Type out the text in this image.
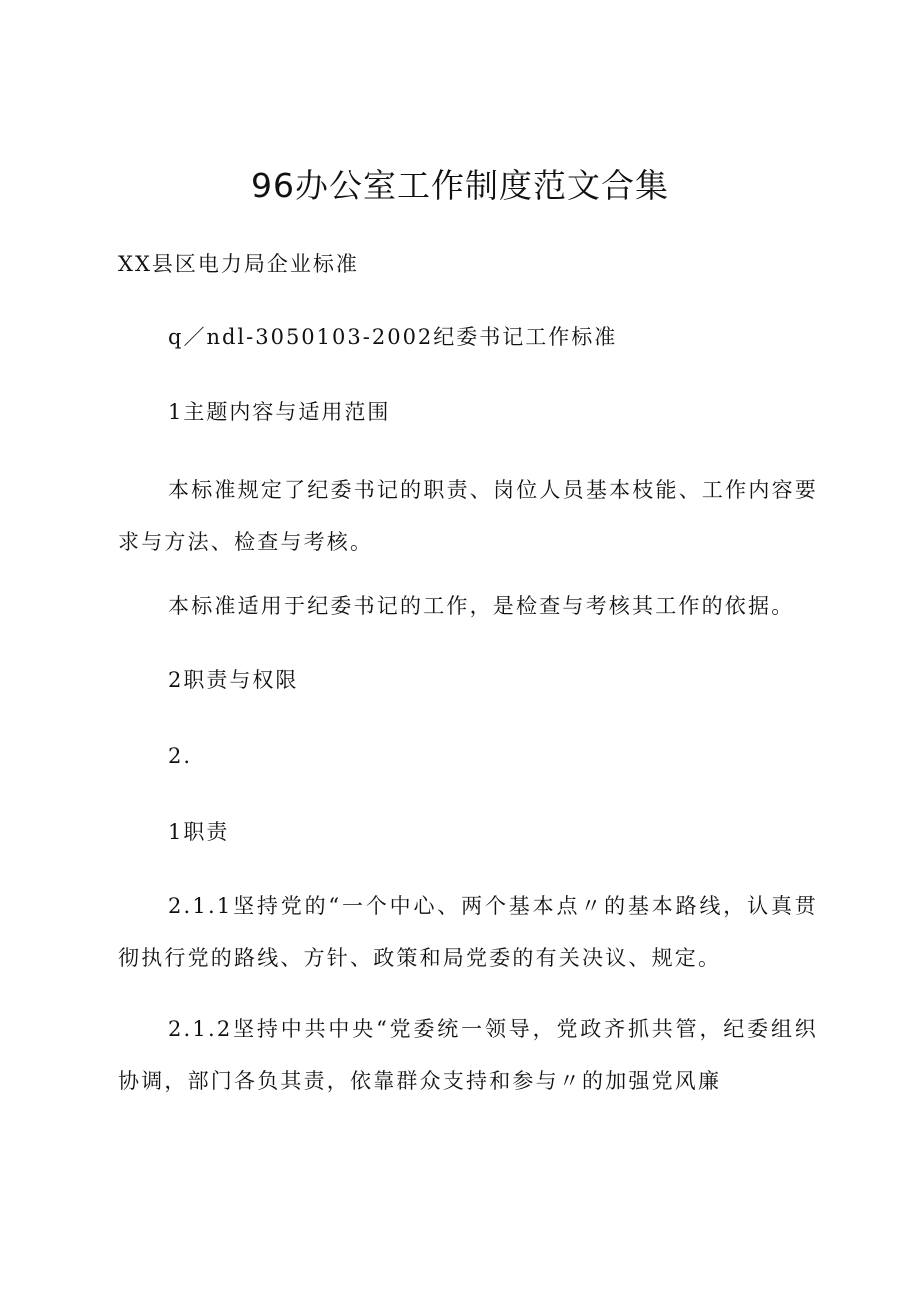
96办公室工作制度范文合集
XX县区电力局企业标准
q／ndl-3050103-2002纪委书记工作标准
1主题内容与适用范围
本标准规定了纪委书记的职责、岗位人员基本枝能、工作内容要求与方法、检查与考核。
本标准适用于纪委书记的工作，是检查与考核其工作的依据。
2职责与权限
2.
1职责
2.1.1坚持党的“一个中心、两个基本点〃的基本路线，认真贯彻执行党的路线、方针、政策和局党委的有关决议、规定。
2.1.2坚持中共中央“党委统一领导，党政齐抓共管，纪委组织协调，部门各负其责，依靠群众支持和参与〃的加强党风廉
